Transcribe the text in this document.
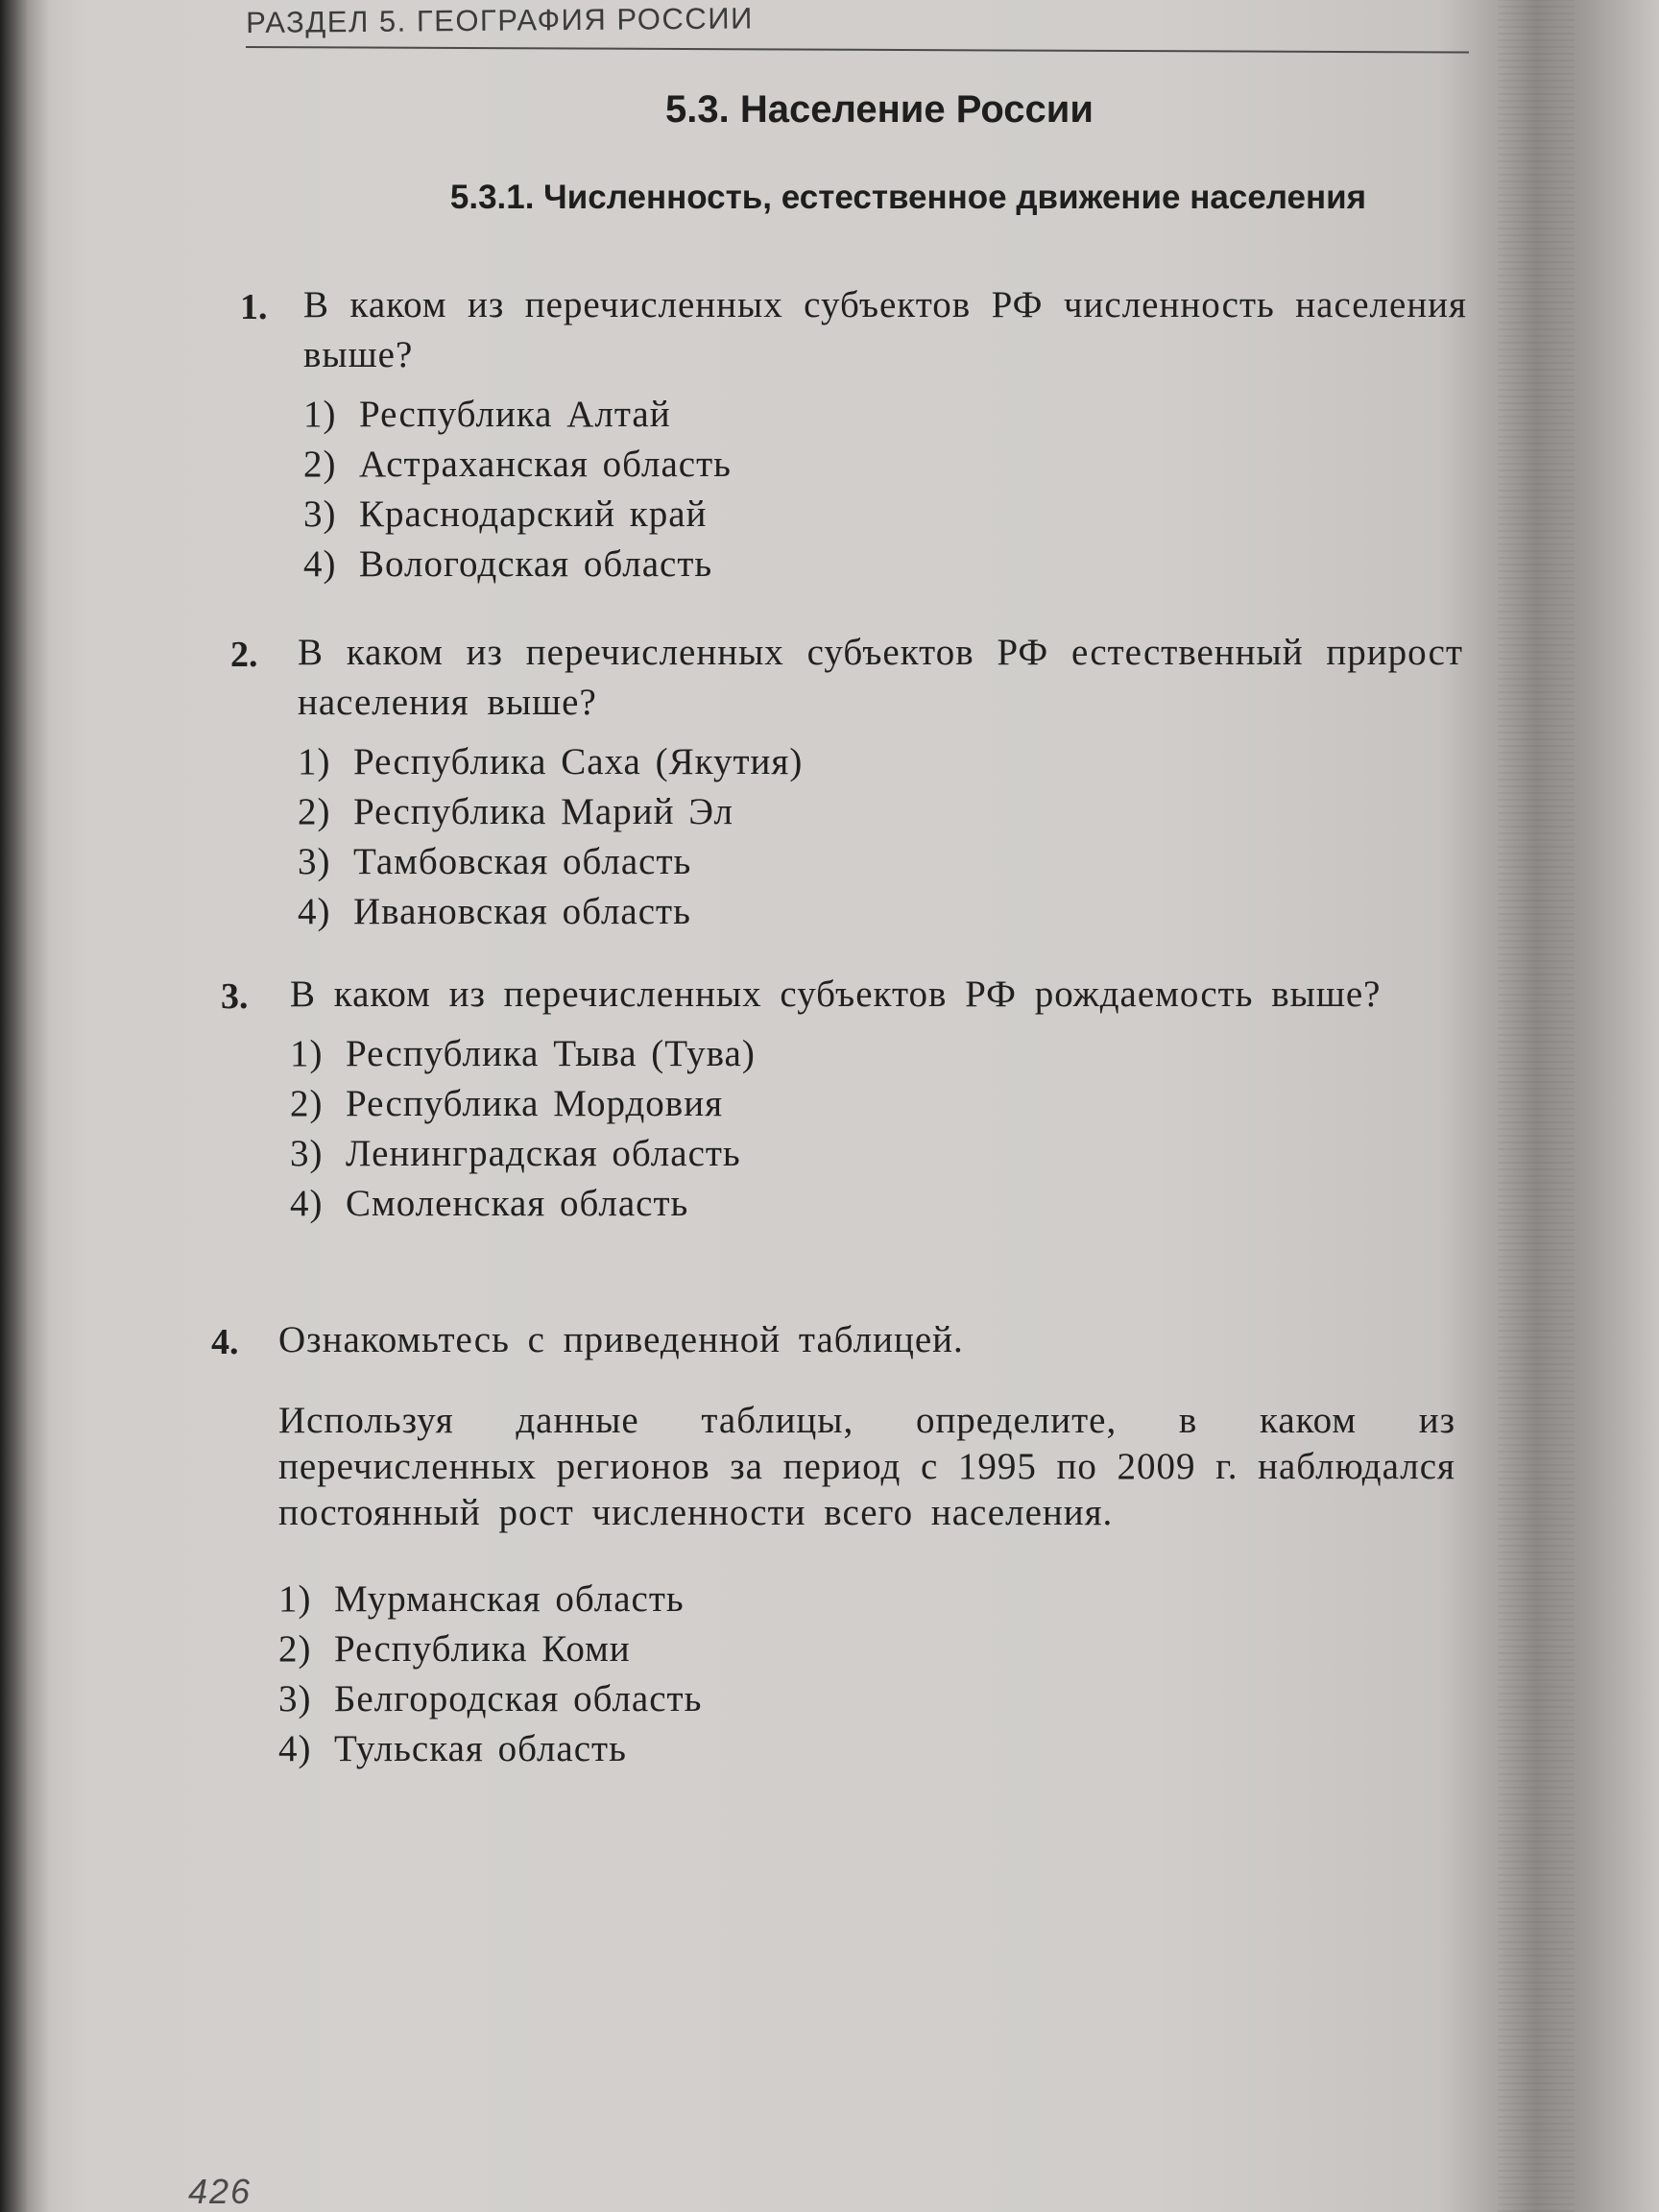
РАЗДЕЛ 5. ГЕОГРАФИЯ РОССИИ
5.3. Население России
5.3.1. Численность, естественное движение населения
1. В каком из перечисленных субъектов РФ численность населения выше?
1) Республика Алтай
2) Астраханская область
3) Краснодарский край
4) Вологодская область
2. В каком из перечисленных субъектов РФ естественный прирост населения выше?
1) Республика Саха (Якутия)
2) Республика Марий Эл
3) Тамбовская область
4) Ивановская область
3. В каком из перечисленных субъектов РФ рождаемость выше?
1) Республика Тыва (Тува)
2) Республика Мордовия
3) Ленинградская область
4) Смоленская область
4. Ознакомьтесь с приведенной таблицей.
Используя данные таблицы, определите, в каком из перечисленных регионов за период с 1995 по 2009 г. наблюдался постоянный рост численности всего населения.
1) Мурманская область
2) Республика Коми
3) Белгородская область
4) Тульская область
426
